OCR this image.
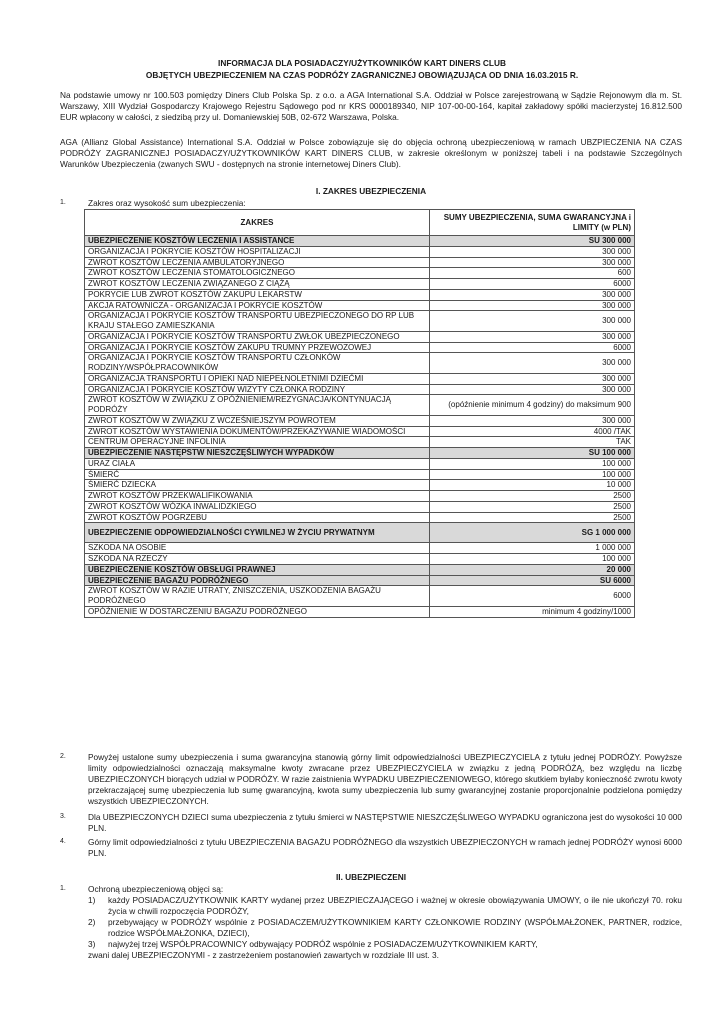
INFORMACJA DLA POSIADACZY/UŻYTKOWNIKÓW KART DINERS CLUB
OBJĘTYCH UBEZPIECZENIEM NA CZAS PODRÓŻY ZAGRANICZNEJ OBOWIĄZUJĄCA OD DNIA 16.03.2015 R.
Na podstawie umowy nr 100.503 pomiędzy Diners Club Polska Sp. z o.o. a AGA International S.A. Oddział w Polsce zarejestrowaną w Sądzie Rejonowym dla m. St. Warszawy, XIII Wydział Gospodarczy Krajowego Rejestru Sądowego pod nr KRS 0000189340, NIP 107-00-00-164, kapitał zakładowy spółki macierzystej 16.812.500 EUR wpłacony w całości, z siedzibą przy ul. Domaniewskiej 50B, 02-672 Warszawa, Polska.
AGA (Allianz Global Assistance) International S.A. Oddział w Polsce zobowiązuje się do objęcia ochroną ubezpieczeniową w ramach UBZPIECZENIA NA CZAS PODRÓŻY ZAGRANICZNEJ POSIADACZY/UŻYTKOWNIKÓW KART DINERS CLUB, w zakresie określonym w poniższej tabeli i na podstawie Szczególnych Warunków Ubezpieczenia (zwanych SWU - dostępnych na stronie internetowej Diners Club).
I. ZAKRES UBEZPIECZENIA
1.	Zakres oraz wysokość sum ubezpieczenia:
ZAKRES	SUMY UBEZPIECZENIA, SUMA GWARANCYJNA i LIMITY (w PLN)
UBEZPIECZENIE KOSZTÓW LECZENIA I ASSISTANCE	SU 300 000
ORGANIZACJA I POKRYCIE KOSZTÓW HOSPITALIZACJI	300 000
ZWROT KOSZTÓW LECZENIA AMBULATORYJNEGO	300 000
ZWROT KOSZTÓW LECZENIA STOMATOLOGICZNEGO	600
ZWROT KOSZTÓW LECZENIA ZWIĄZANEGO Z CIĄŻĄ	6000
POKRYCIE LUB ZWROT KOSZTÓW ZAKUPU LEKARSTW	300 000
AKCJA RATOWNICZA - ORGANIZACJA I POKRYCIE KOSZTÓW	300 000
ORGANIZACJA I POKRYCIE KOSZTÓW TRANSPORTU UBEZPIECZONEGO DO RP LUB KRAJU STAŁEGO ZAMIESZKANIA	300 000
ORGANIZACJA I POKRYCIE KOSZTÓW TRANSPORTU ZWŁOK UBEZPIECZONEGO	300 000
ORGANIZACJA I POKRYCIE KOSZTÓW ZAKUPU TRUMNY PRZEWOZOWEJ	6000
ORGANIZACJA I POKRYCIE KOSZTÓW TRANSPORTU CZŁONKÓW RODZINY/WSPÓŁPRACOWNIKÓW	300 000
ORGANIZACJA TRANSPORTU I OPIEKI NAD NIEPEŁNOLETNIMI DZIEĆMI	300 000
ORGANIZACJA I POKRYCIE KOSZTÓW WIZYTY CZŁONKA RODZINY	300 000
ZWROT KOSZTÓW W ZWIĄZKU Z OPÓŹNIENIEM/REZYGNACJA/KONTYNUACJĄ PODRÓŻY	(opóźnienie minimum 4 godziny) do maksimum 900
ZWROT KOSZTÓW W ZWIĄZKU Z WCZEŚNIEJSZYM POWROTEM	300 000
ZWROT KOSZTÓW WYSTAWIENIA DOKUMENTÓW/PRZEKAZYWANIE WIADOMOŚCI	4000 /TAK
CENTRUM OPERACYJNE INFOLINIA	TAK
UBEZPIECZENIE NASTĘPSTW NIESZCZĘŚLIWYCH WYPADKÓW	SU 100 000
URAZ CIAŁA	100 000
ŚMIERĆ	100 000
ŚMIERĆ DZIECKA	10 000
ZWROT KOSZTÓW PRZEKWALIFIKOWANIA	2500
ZWROT KOSZTÓW WÓZKA INWALIDZKIEGO	2500
ZWROT KOSZTÓW POGRZEBU	2500
UBEZPIECZENIE ODPOWIEDZIALNOŚCI CYWILNEJ W ŻYCIU PRYWATNYM	SG 1 000 000
SZKODA NA OSOBIE	1 000 000
SZKODA NA RZECZY	100 000
UBEZPIECZENIE KOSZTÓW OBSŁUGI PRAWNEJ	20 000
UBEZPIECZENIE BAGAŻU PODRÓŻNEGO	SU 6000
ZWROT KOSZTÓW W RAZIE UTRATY, ZNISZCZENIA, USZKODZENIA BAGAŻU PODRÓŻNEGO	6000
OPÓŹNIENIE W DOSTARCZENIU BAGAŻU PODRÓŻNEGO	minimum 4 godziny/1000
2.	Powyżej ustalone sumy ubezpieczenia i suma gwarancyjna stanowią górny limit odpowiedzialności UBEZPIECZYCIELA z tytułu jednej PODRÓŻY. Powyższe limity odpowiedzialności oznaczają maksymalne kwoty zwracane przez UBEZPIECZYCIELA w związku z jedną PODRÓŻĄ, bez względu na liczbę UBEZPIECZONYCH biorących udział w PODRÓŻY. W razie zaistnienia WYPADKU UBEZPIECZENIOWEGO, którego skutkiem byłaby konieczność zwrotu kwoty przekraczającej sumę ubezpieczenia lub sumę gwarancyjną, kwota sumy ubezpieczenia lub sumy gwarancyjnej zostanie proporcjonalnie podzielona pomiędzy wszystkich UBEZPIECZONYCH.
3.	Dla UBEZPIECZONYCH DZIECI suma ubezpieczenia z tytułu śmierci w NASTĘPSTWIE NIESZCZĘŚLIWEGO WYPADKU ograniczona jest do wysokości 10 000 PLN.
4.	Górny limit odpowiedzialności z tytułu UBEZPIECZENIA BAGAŻU PODRÓŻNEGO dla wszystkich UBEZPIECZONYCH w ramach jednej PODRÓŻY wynosi 6000 PLN.
II. UBEZPIECZENI
1.	Ochroną ubezpieczeniową objęci są:
1)	każdy POSIADACZ/UŻYTKOWNIK KARTY wydanej przez UBEZPIECZAJĄCEGO i ważnej w okresie obowiązywania UMOWY, o ile nie ukończył 70. roku życia w chwili rozpoczęcia PODRÓŻY,
2)	przebywający w PODRÓŻY wspólnie z POSIADACZEM/UŻYTKOWNIKIEM KARTY CZŁONKOWIE RODZINY (WSPÓŁMAŁŻONEK, PARTNER, rodzice, rodzice WSPÓŁMAŁŻONKA, DZIECI),
3)	najwyżej trzej WSPÓŁPRACOWNICY odbywający PODRÓŻ wspólnie z POSIADACZEM/UŻYTKOWNIKIEM KARTY,
zwani dalej UBEZPIECZONYMI - z zastrzeżeniem postanowień zawartych w rozdziale III ust. 3.
